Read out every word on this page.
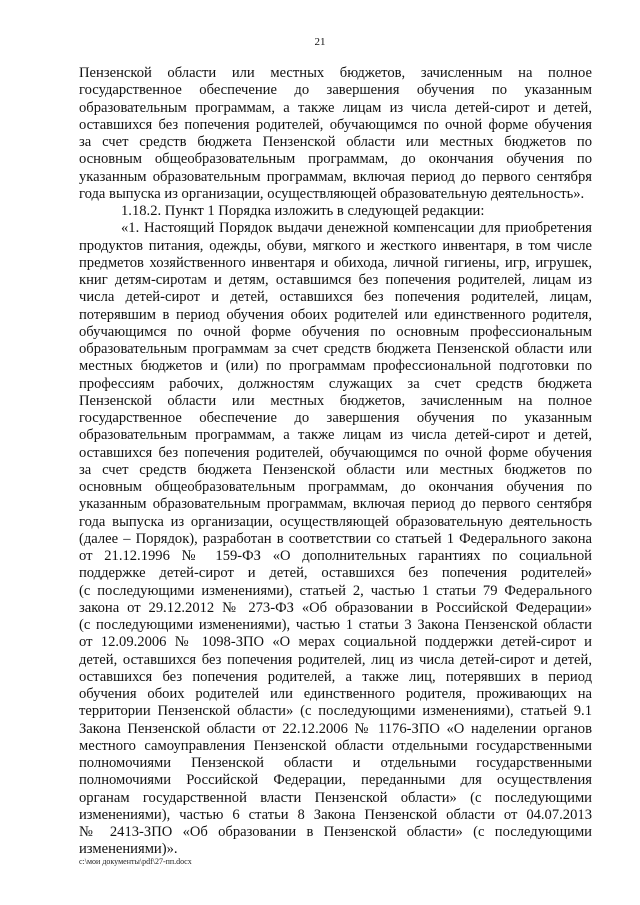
21
Пензенской области или местных бюджетов, зачисленным на полное
государственное обеспечение до завершения обучения по указанным
образовательным программам, а также лицам из числа детей-сирот и детей,
оставшихся без попечения родителей, обучающимся по очной форме обучения
за счет средств бюджета Пензенской области или местных бюджетов по
основным общеобразовательным программам, до окончания обучения по
указанным образовательным программам, включая период до первого сентября
года выпуска из организации, осуществляющей образовательную деятельность».
1.18.2. Пункт 1 Порядка изложить в следующей редакции:
«1. Настоящий Порядок выдачи денежной компенсации для приобретения
продуктов питания, одежды, обуви, мягкого и жесткого инвентаря, в том числе
предметов хозяйственного инвентаря и обихода, личной гигиены, игр, игрушек,
книг детям-сиротам и детям, оставшимся без попечения родителей, лицам из
числа детей-сирот и детей, оставшихся без попечения родителей, лицам,
потерявшим в период обучения обоих родителей или единственного родителя,
обучающимся по очной форме обучения по основным профессиональным
образовательным программам за счет средств бюджета Пензенской области или
местных бюджетов и (или) по программам профессиональной подготовки по
профессиям рабочих, должностям служащих за счет средств бюджета
Пензенской области или местных бюджетов, зачисленным на полное
государственное обеспечение до завершения обучения по указанным
образовательным программам, а также лицам из числа детей-сирот и детей,
оставшихся без попечения родителей, обучающимся по очной форме обучения
за счет средств бюджета Пензенской области или местных бюджетов по
основным общеобразовательным программам, до окончания обучения по
указанным образовательным программам, включая период до первого сентября
года выпуска из организации, осуществляющей образовательную деятельность
(далее – Порядок), разработан в соответствии со статьей 1 Федерального закона
от 21.12.1996 № 159-ФЗ «О дополнительных гарантиях по социальной
поддержке детей-сирот и детей, оставшихся без попечения родителей»
(с последующими изменениями), статьей 2, частью 1 статьи 79 Федерального
закона от 29.12.2012 № 273-ФЗ «Об образовании в Российской Федерации»
(с последующими изменениями), частью 1 статьи 3 Закона Пензенской области
от 12.09.2006 № 1098-ЗПО «О мерах социальной поддержки детей-сирот и
детей, оставшихся без попечения родителей, лиц из числа детей-сирот и детей,
оставшихся без попечения родителей, а также лиц, потерявших в период
обучения обоих родителей или единственного родителя, проживающих на
территории Пензенской области» (с последующими изменениями), статьей 9.1
Закона Пензенской области от 22.12.2006 № 1176-ЗПО «О наделении органов
местного самоуправления Пензенской области отдельными государственными
полномочиями Пензенской области и отдельными государственными
полномочиями Российской Федерации, переданными для осуществления
органам государственной власти Пензенской области» (с последующими
изменениями), частью 6 статьи 8 Закона Пензенской области от 04.07.2013
№ 2413-ЗПО «Об образовании в Пензенской области» (с последующими
изменениями)».
c:\мои документы\pdf\27-пп.docx
